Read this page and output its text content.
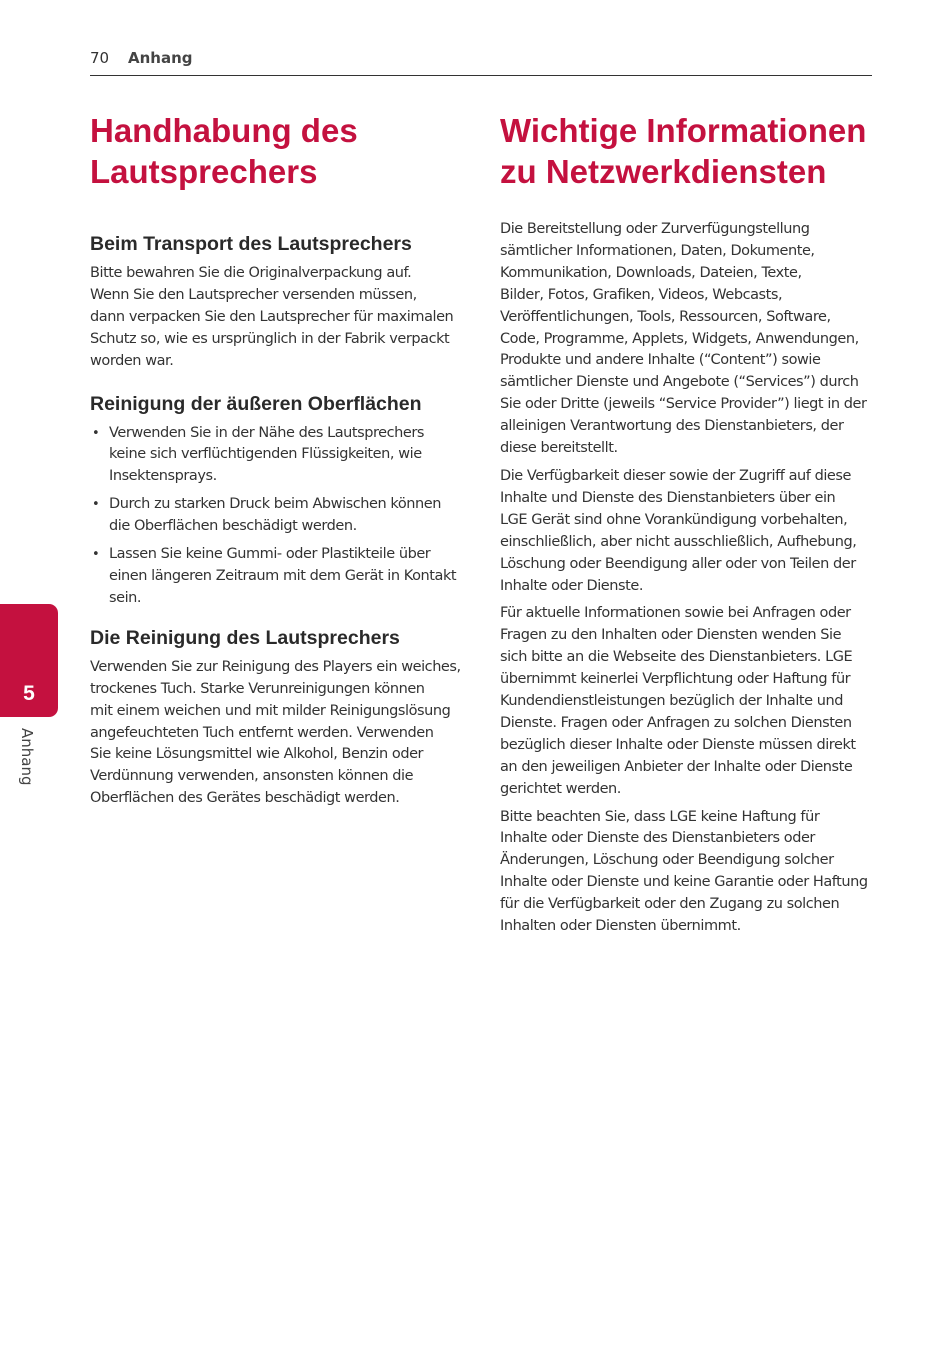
70 Anhang
5
Anhang
Handhabung des
Lautsprechers
Beim Transport des Lautsprechers

Bitte bewahren Sie die Originalverpackung auf.
Wenn Sie den Lautsprecher versenden müssen,
dann verpacken Sie den Lautsprecher für maximalen
Schutz so, wie es ursprünglich in der Fabrik verpackt
worden war.

Reinigung der äußeren Oberflächen
• Verwenden Sie in der Nähe des Lautsprechers
keine sich verflüchtigenden Flüssigkeiten, wie
Insektensprays.
• Durch zu starken Druck beim Abwischen können
die Oberflächen beschädigt werden.
• Lassen Sie keine Gummi- oder Plastikteile über
einen längeren Zeitraum mit dem Gerät in Kontakt
sein.
Die Reinigung des Lautsprechers

Verwenden Sie zur Reinigung des Players ein weiches,
trockenes Tuch. Starke Verunreinigungen können
mit einem weichen und mit milder Reinigungslösung
angefeuchteten Tuch entfernt werden. Verwenden
Sie keine Lösungsmittel wie Alkohol, Benzin oder
Verdünnung verwenden, ansonsten können die
Oberflächen des Gerätes beschädigt werden.

Wichtige Informationen
zu Netzwerkdiensten

Die Bereitstellung oder Zurverfügungstellung
sämtlicher Informationen, Daten, Dokumente,
Kommunikation, Downloads, Dateien, Texte,
Bilder, Fotos, Grafiken, Videos, Webcasts,
Veröffentlichungen, Tools, Ressourcen, Software,
Code, Programme, Applets, Widgets, Anwendungen,
Produkte und andere Inhalte (“Content”) sowie
sämtlicher Dienste und Angebote (“Services”) durch
Sie oder Dritte (jeweils “Service Provider”) liegt in der
alleinigen Verantwortung des Dienstanbieters, der
diese bereitstellt.

Die Verfügbarkeit dieser sowie der Zugriff auf diese
Inhalte und Dienste des Dienstanbieters über ein
LGE Gerät sind ohne Vorankündigung vorbehalten,
einschließlich, aber nicht ausschließlich, Aufhebung,
Löschung oder Beendigung aller oder von Teilen der
Inhalte oder Dienste.

Für aktuelle Informationen sowie bei Anfragen oder
Fragen zu den Inhalten oder Diensten wenden Sie
sich bitte an die Webseite des Dienstanbieters. LGE
übernimmt keinerlei Verpflichtung oder Haftung für
Kundendienstleistungen bezüglich der Inhalte und
Dienste. Fragen oder Anfragen zu solchen Diensten
bezüglich dieser Inhalte oder Dienste müssen direkt
an den jeweiligen Anbieter der Inhalte oder Dienste
gerichtet werden.

Bitte beachten Sie, dass LGE keine Haftung für
Inhalte oder Dienste des Dienstanbieters oder
Änderungen, Löschung oder Beendigung solcher
Inhalte oder Dienste und keine Garantie oder Haftung
für die Verfügbarkeit oder den Zugang zu solchen
Inhalten oder Diensten übernimmt.
